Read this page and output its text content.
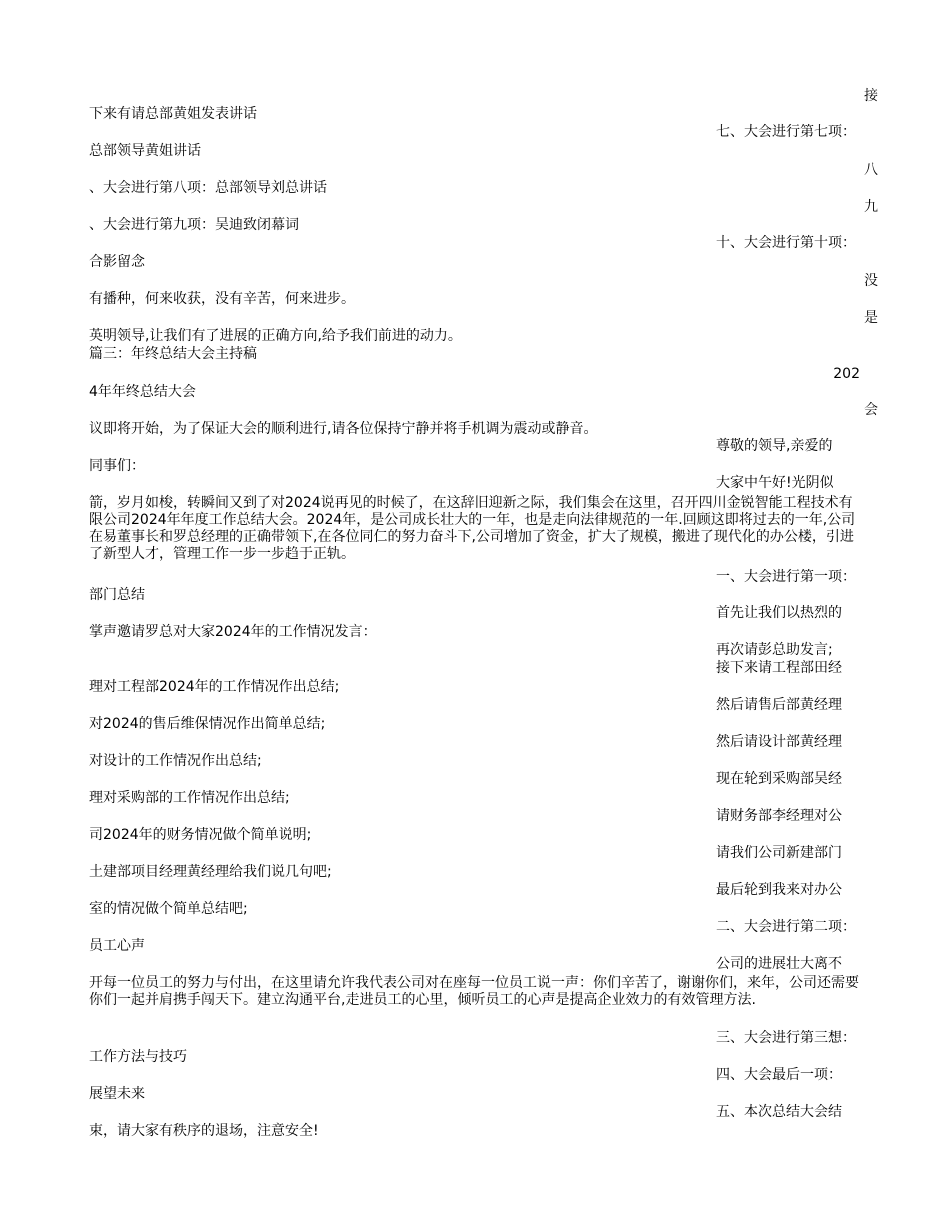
接
七、大会进行第七项：
八
九
十、大会进行第十项：
没
是
202
会
尊敬的领导,亲爱的
大家中午好!光阴似
一、大会进行第一项：
首先让我们以热烈的
再次请彭总助发言;
接下来请工程部田经
然后请售后部黄经理
然后请设计部黄经理
现在轮到采购部吴经
请财务部李经理对公
请我们公司新建部门
最后轮到我来对办公
二、大会进行第二项：
公司的进展壮大离不
三、大会进行第三想：
四、大会最后一项：
五、本次总结大会结
下来有请总部黄姐发表讲话
总部领导黄姐讲话
、大会进行第八项：总部领导刘总讲话
、大会进行第九项：吴迪致闭幕词
合影留念
有播种，何来收获，没有辛苦，何来进步。
英明领导,让我们有了进展的正确方向,给予我们前进的动力。
篇三：年终总结大会主持稿
4年年终总结大会
议即将开始，为了保证大会的顺利进行,请各位保持宁静并将手机调为震动或静音。
同事们：
箭，岁月如梭，转瞬间又到了对2024说再见的时候了，在这辞旧迎新之际，我们集会在这里，召开四川金锐智能工程技术有限公司2024年年度工作总结大会。2024年，是公司成长壮大的一年，也是走向法律规范的一年.回顾这即将过去的一年,公司在易董事长和罗总经理的正确带领下,在各位同仁的努力奋斗下,公司增加了资金，扩大了规模，搬进了现代化的办公楼，引进了新型人才，管理工作一步一步趋于正轨。
部门总结
掌声邀请罗总对大家2024年的工作情况发言：
理对工程部2024年的工作情况作出总结;
对2024的售后维保情况作出简单总结;
对设计的工作情况作出总结;
理对采购部的工作情况作出总结;
司2024年的财务情况做个简单说明;
土建部项目经理黄经理给我们说几句吧;
室的情况做个简单总结吧;
员工心声
开每一位员工的努力与付出，在这里请允许我代表公司对在座每一位员工说一声：你们辛苦了，谢谢你们，来年，公司还需要你们一起并肩携手闯天下。建立沟通平台,走进员工的心里，倾听员工的心声是提高企业效力的有效管理方法.
工作方法与技巧
展望未来
束，请大家有秩序的退场，注意安全!
